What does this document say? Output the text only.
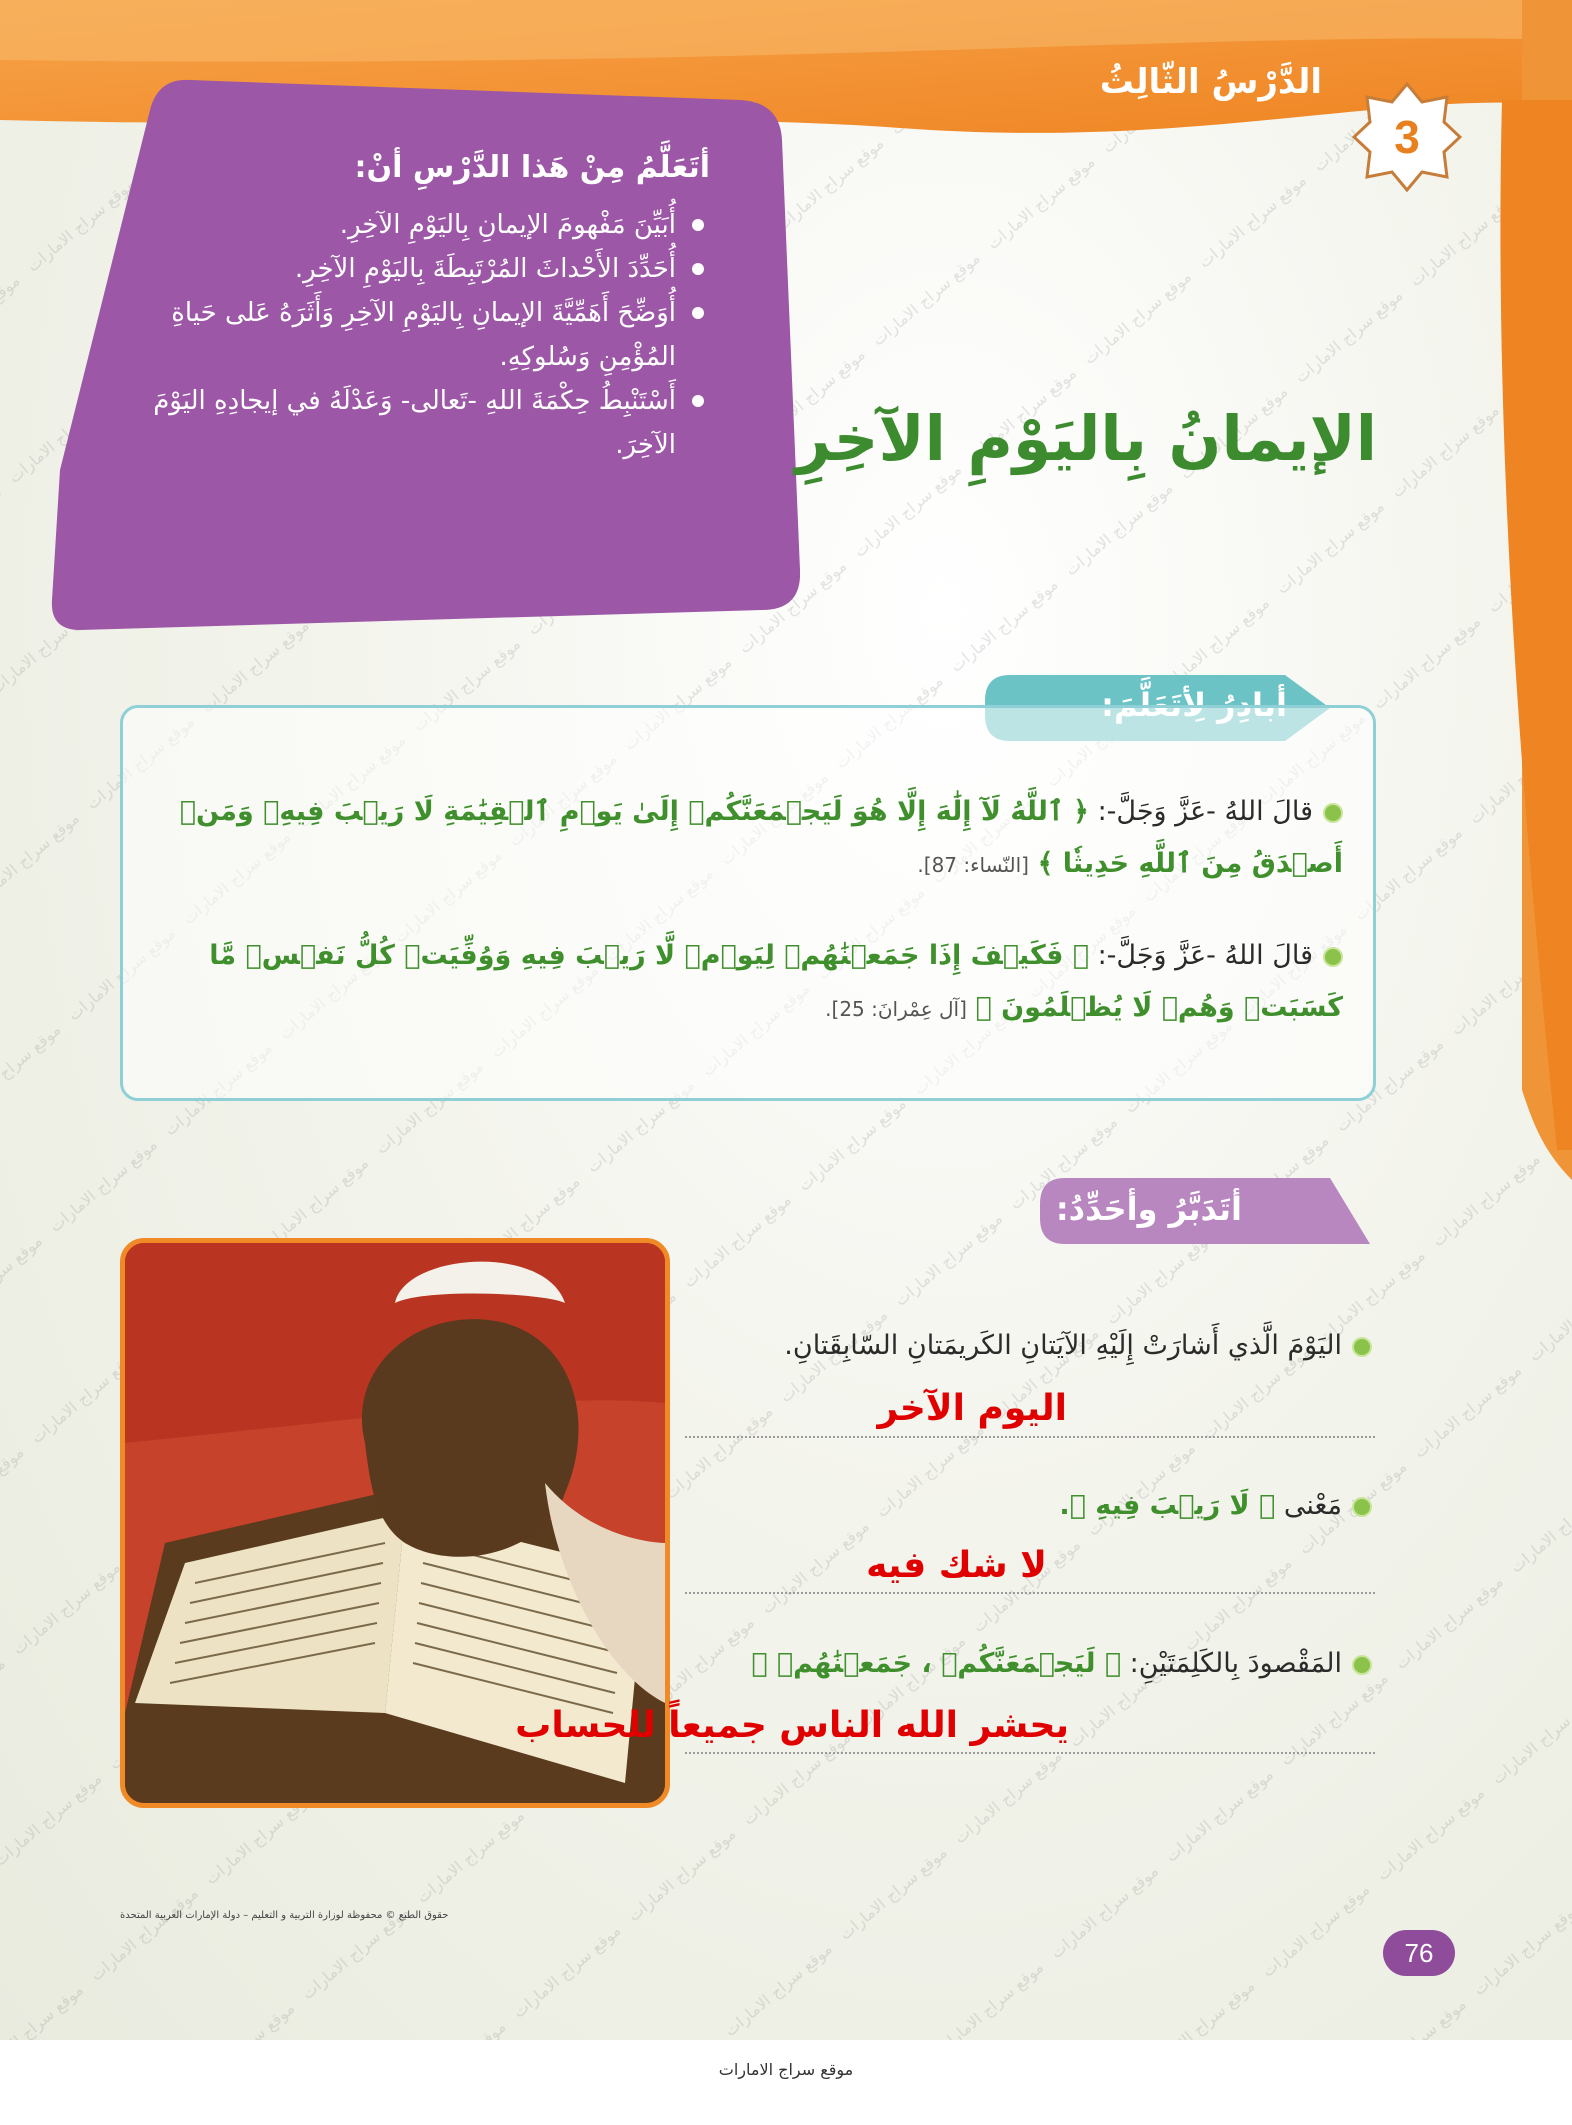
الدَّرْسُ الثّالِثُ
3

أتَعَلَّمُ مِنْ هَذا الدَّرْسِ أنْ:

أُبَيِّنَ مَفْهومَ الإيمانِ بِاليَوْمِ الآخِرِ.
أُحَدِّدَ الأَحْداثَ المُرْتَبِطَةَ بِاليَوْمِ الآخِرِ.
أُوَضِّحَ أَهَمِّيَّةَ الإيمانِ بِاليَوْمِ الآخِرِ وَأَثَرَهُ عَلى حَياةِ المُؤْمِنِ وَسُلوكِهِ.
أَسْتَنْبِطُ حِكْمَةَ اللهِ -تَعالى- وَعَدْلَهُ في إيجادِهِ اليَوْمَ الآخِرَ.	الإيمانُ بِاليَوْمِ الآخِرِ
قالَ اللهُ -عَزَّ وَجَلَّ-: ﴿ ٱللَّهُ لَآ إِلَٰهَ إِلَّا هُوَ لَيَجۡمَعَنَّكُمۡ إِلَىٰ يَوۡمِ ٱلۡقِيَٰمَةِ لَا رَيۡبَ فِيهِۗ وَمَنۡ أَصۡدَقُ مِنَ ٱللَّهِ حَدِيثٗا ﴾ [النّساء: 87].
قالَ اللهُ -عَزَّ وَجَلَّ-: ﴿ فَكَيۡفَ إِذَا جَمَعۡنَٰهُمۡ لِيَوۡمٖ لَّا رَيۡبَ فِيهِ وَوُفِّيَتۡ كُلُّ نَفۡسٖ مَّا كَسَبَتۡ وَهُمۡ لَا يُظۡلَمُونَ ﴾ [آل عِمْرانَ: 25].
أتَدَبَّرُ وأحَدِّدُ:
اليَوْمَ الَّذي أَشارَتْ إِلَيْهِ الآيَتانِ الكَريمَتانِ السّابِقَتانِ.
اليوم الآخر
مَعْنى ﴿ لَا رَيۡبَ فِيهِ ﴾.
لا شك فيه
المَقْصودَ بِالكَلِمَتَيْنِ: ﴿ لَيَجۡمَعَنَّكُمۡ ، جَمَعۡنَٰهُمۡ ﴾
يحشر الله الناس جميعاً للحساب
حقوق الطبع © محفوظة لوزارة التربية و التعليم – دولة الإمارات العربية المتحدة
76
موقع سراج الامارات
